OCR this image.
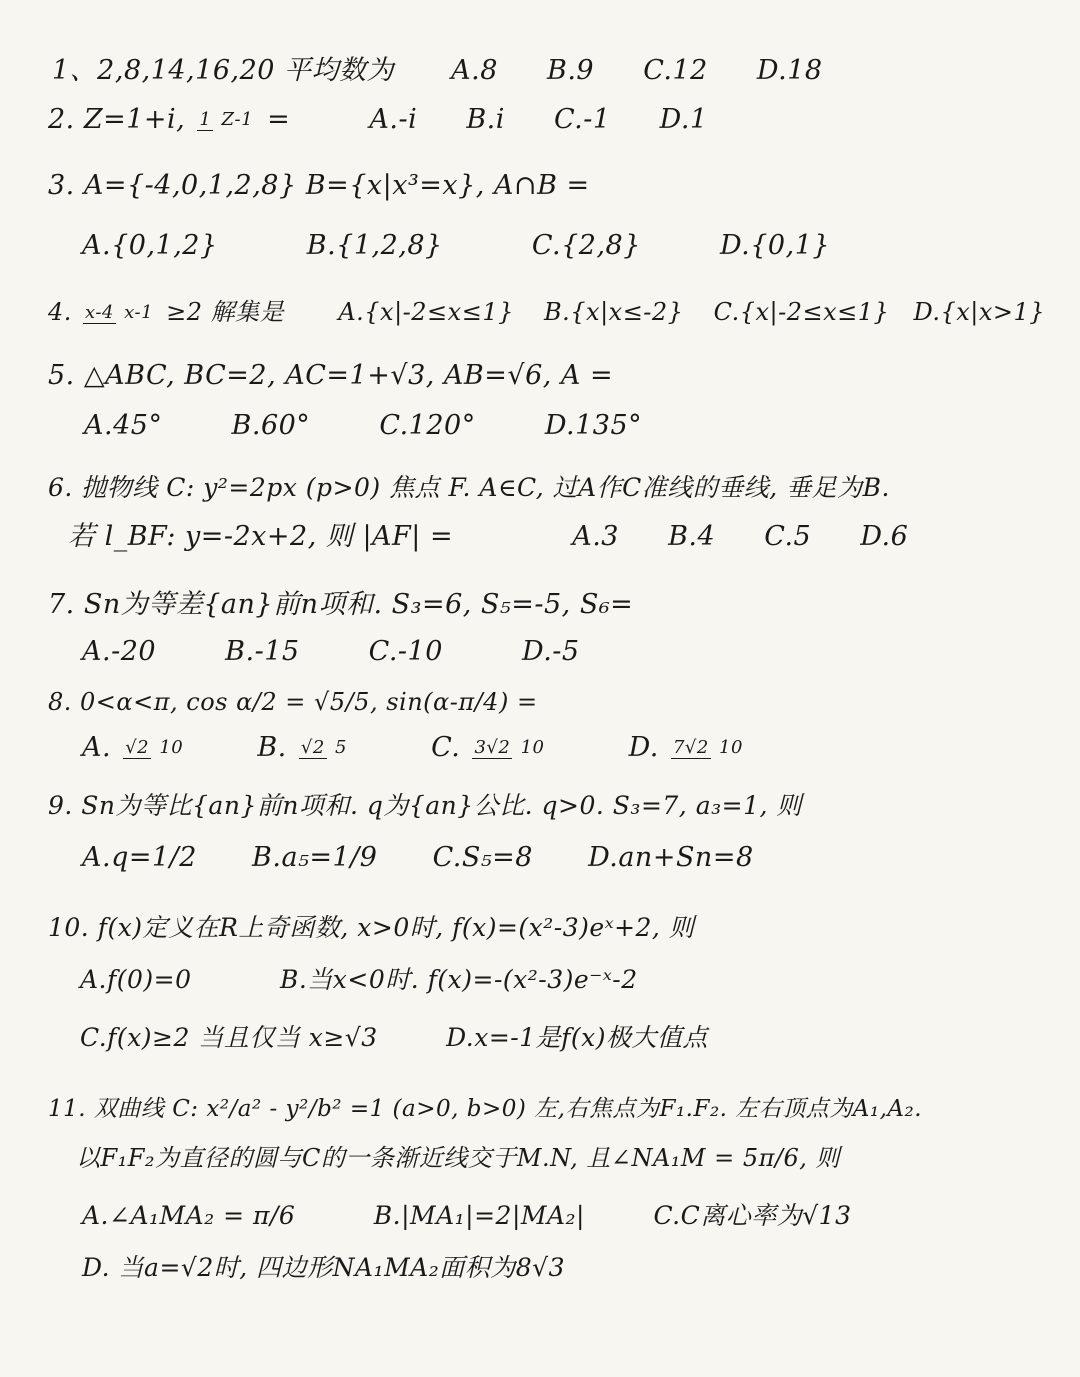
1、2,8,14,16,20 平均数为 A.8 B.9 C.12 D.18
2. Z=1+i, 1 Z-1 =	A.-i B.i C.-1 D.1
3. A={-4,0,1,2,8} B={x|x³=x}, A∩B =
A.{0,1,2}	B.{1,2,8}	C.{2,8}	D.{0,1}
4. x-4 x-1 ≥2 解集是 A.{x|-2≤x≤1} B.{x|x≤-2} C.{x|-2≤x≤1} D.{x|x>1}
5. △ABC, BC=2, AC=1+√3, AB=√6, A =
A.45°	B.60°	C.120°	D.135°
6. 抛物线 C: y²=2px (p>0) 焦点 F. A∈C, 过A作C准线的垂线, 垂足为B.
若 l_BF: y=-2x+2, 则 |AF| =	A.3 B.4 C.5 D.6
7. Sn为等差{an}前n项和. S₃=6, S₅=-5, S₆=
A.-20	B.-15	C.-10	D.-5
8. 0<α<π, cos α/2 = √5/5, sin(α-π/4) =
A. √2 10	B. √2 5	C. 3√2 10	D. 7√2 10
9. Sn为等比{an}前n项和. q为{an}公比. q>0. S₃=7, a₃=1, 则
A.q=1/2 B.a₅=1/9 C.S₅=8 D.an+Sn=8
10. f(x)定义在R上奇函数, x>0时, f(x)=(x²-3)eˣ+2, 则
A.f(0)=0	B.当x<0时. f(x)=-(x²-3)e⁻ˣ-2
C.f(x)≥2 当且仅当 x≥√3	D.x=-1是f(x)极大值点
11. 双曲线 C: x²/a² - y²/b² =1 (a>0, b>0) 左,右焦点为F₁.F₂. 左右顶点为A₁,A₂.
以F₁F₂为直径的圆与C的一条渐近线交于M.N, 且∠NA₁M = 5π/6, 则
A.∠A₁MA₂ = π/6	B.|MA₁|=2|MA₂|	C.C离心率为√13
D. 当a=√2时, 四边形NA₁MA₂面积为8√3
